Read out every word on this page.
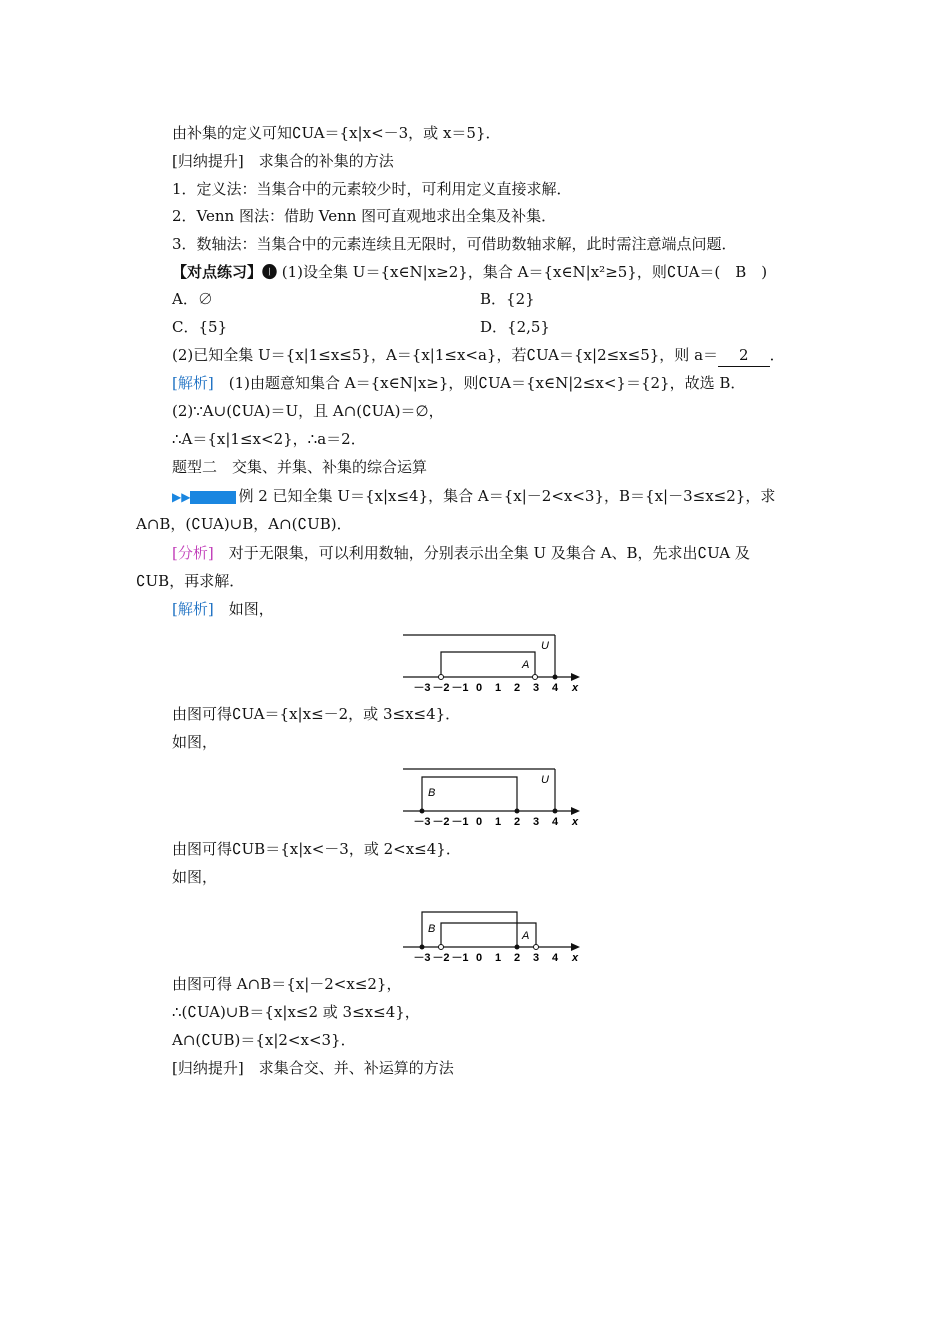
由补集的定义可知∁UA＝{x|x<－3，或 x＝5}．
[归纳提升]　求集合的补集的方法
1．定义法：当集合中的元素较少时，可利用定义直接求解．
2．Venn 图法：借助 Venn 图可直观地求出全集及补集．
3．数轴法：当集合中的元素连续且无限时，可借助数轴求解，此时需注意端点问题．
【对点练习】❶ (1)设全集 U＝{x∈N|x≥2}，集合 A＝{x∈N|x²≥5}，则∁UA＝(　B　)
A．∅	B．{2}
C．{5}	D．{2,5}
(2)已知全集 U＝{x|1≤x≤5}，A＝{x|1≤x<a}，若∁UA＝{x|2≤x≤5}，则 a＝　2　．
[解析]　(1)由题意知集合 A＝{x∈N|x≥}，则∁UA＝{x∈N|2≤x<}＝{2}，故选 B．
(2)∵A∪(∁UA)＝U，且 A∩(∁UA)＝∅，
∴A＝{x|1≤x<2}，∴a＝2．
题型二　交集、并集、补集的综合运算
▶▶	例 2 已知全集 U＝{x|x≤4}，集合 A＝{x|－2<x<3}，B＝{x|－3≤x≤2}，求
A∩B，(∁UA)∪B，A∩(∁UB)．
[分析]　对于无限集，可以利用数轴，分别表示出全集 U 及集合 A、B，先求出∁UA 及
∁UB，再求解．
[解析]　如图，
U
A
－3 －2 －1 0 1 2 3 4 x
由图可得∁UA＝{x|x≤－2，或 3≤x≤4}．
如图，
U
B
－3 －2 －1 0 1 2 3 4 x
由图可得∁UB＝{x|x<－3，或 2<x≤4}．
如图，
B
A
－3 －2 －1 0 1 2 3 4 x
由图可得 A∩B＝{x|－2<x≤2}，
∴(∁UA)∪B＝{x|x≤2 或 3≤x≤4}，
A∩(∁UB)＝{x|2<x<3}．
[归纳提升]　求集合交、并、补运算的方法
